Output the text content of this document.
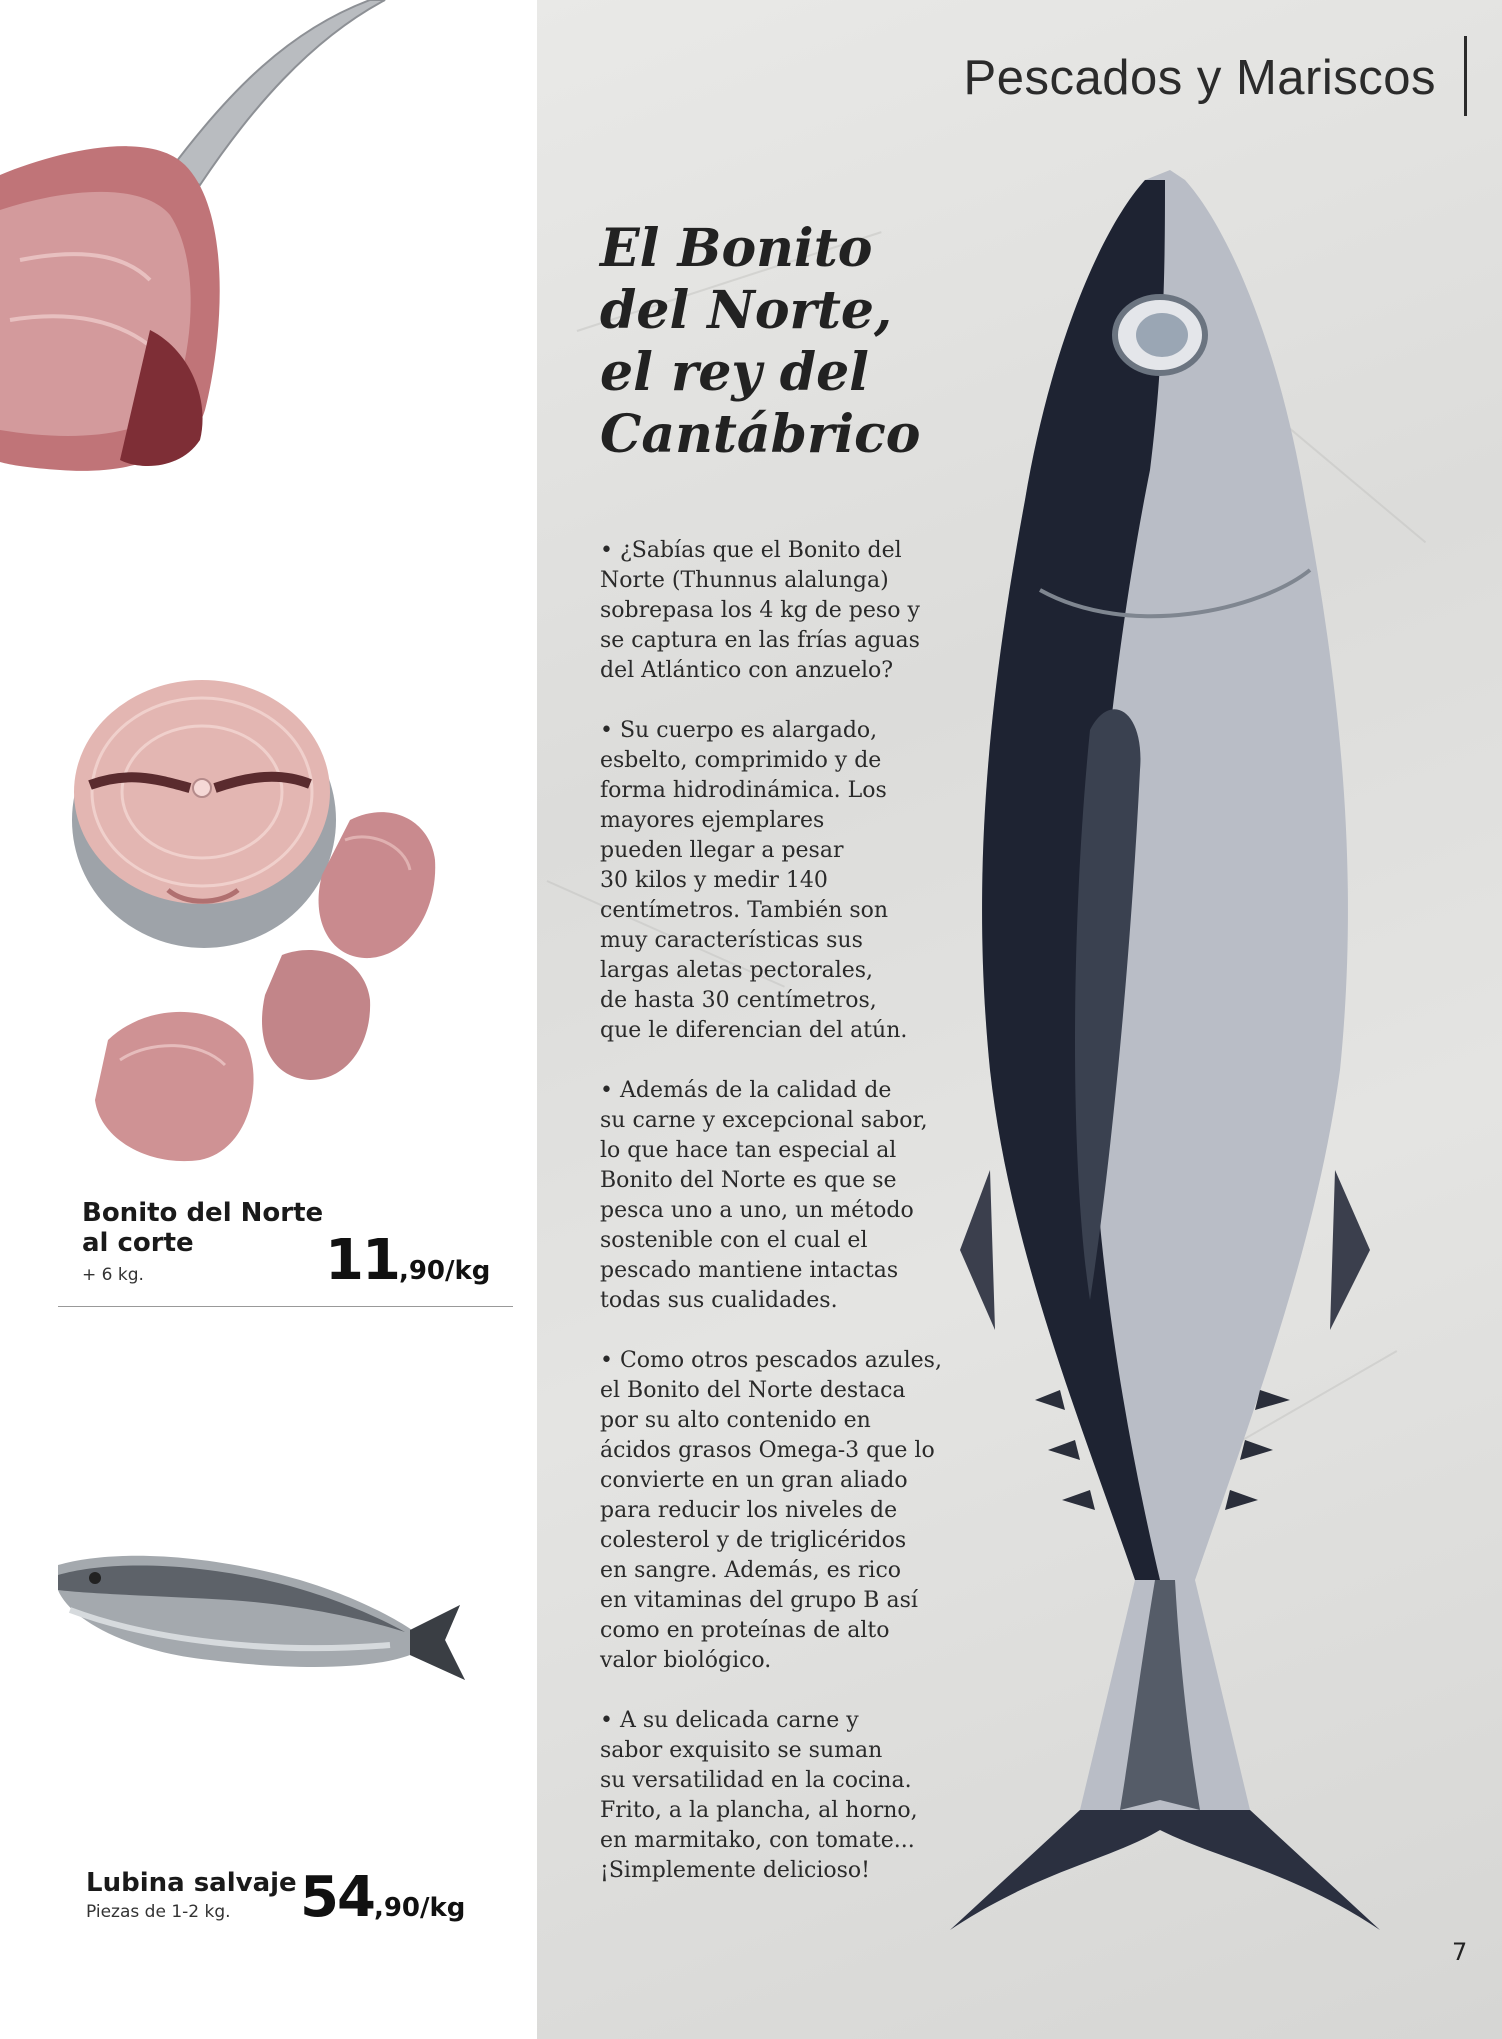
Pescados y Mariscos
El Bonito
del Norte,
el rey del
Cantábrico

• ¿Sabías que el Bonito del
Norte (Thunnus alalunga)
sobrepasa los 4 kg de peso y
se captura en las frías aguas
del Atlántico con anzuelo?

• Su cuerpo es alargado,
esbelto, comprimido y de
forma hidrodinámica. Los
mayores ejemplares
pueden llegar a pesar
30 kilos y medir 140
centímetros. También son
muy características sus
largas aletas pectorales,
de hasta 30 centímetros,
que le diferencian del atún.

• Además de la calidad de
su carne y excepcional sabor,
lo que hace tan especial al
Bonito del Norte es que se
pesca uno a uno, un método
sostenible con el cual el
pescado mantiene intactas
todas sus cualidades.

• Como otros pescados azules,
el Bonito del Norte destaca
por su alto contenido en
ácidos grasos Omega-3 que lo
convierte en un gran aliado
para reducir los niveles de
colesterol y de triglicéridos
en sangre. Además, es rico
en vitaminas del grupo B así
como en proteínas de alto
valor biológico.

• A su delicada carne y
sabor exquisito se suman
su versatilidad en la cocina.
Frito, a la plancha, al horno,
en marmitako, con tomate...
¡Simplemente delicioso!

Bonito del Norte
al corte
+ 6 kg.	11,90/kg
Lubina salvaje
Piezas de 1-2 kg. 54,90/kg
7
